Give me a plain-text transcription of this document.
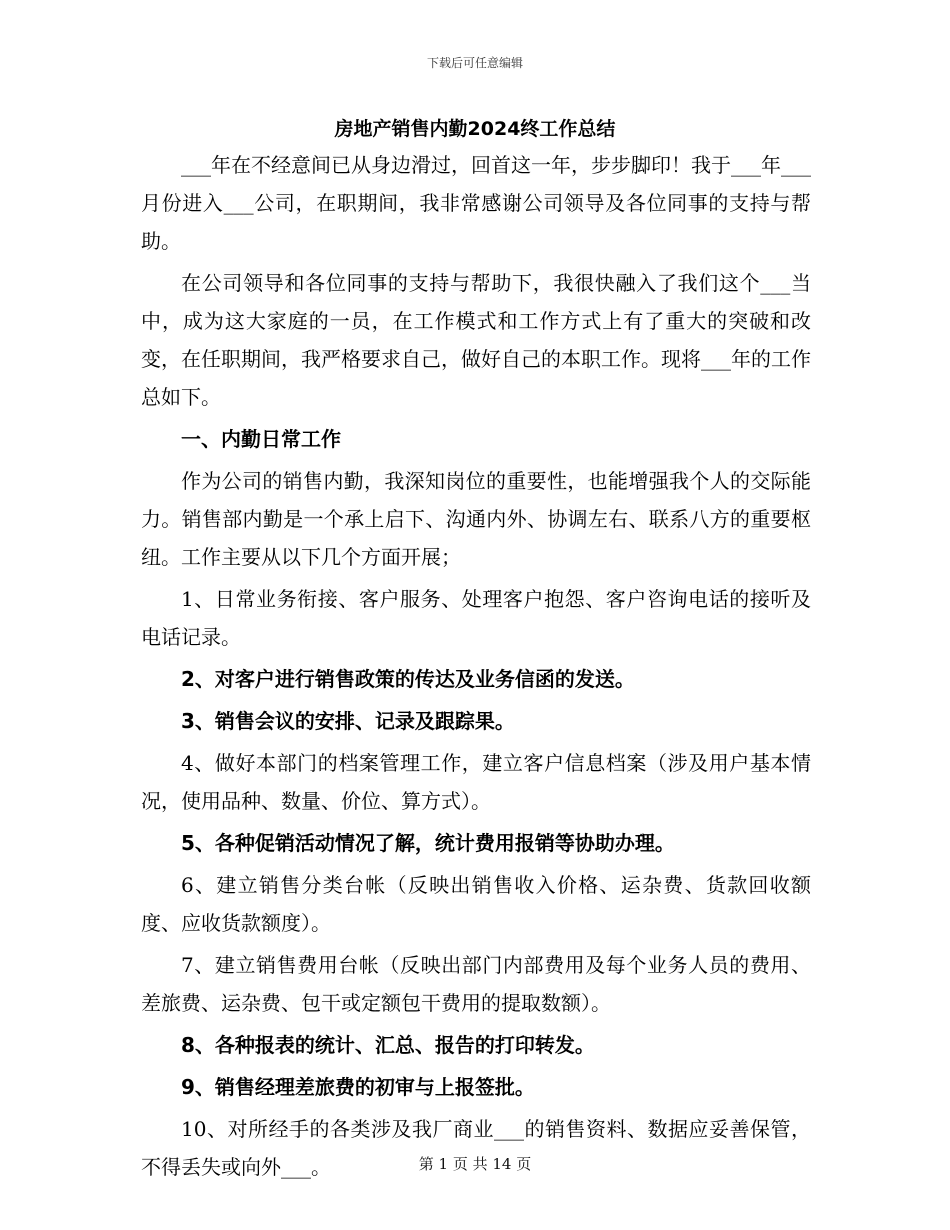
下载后可任意编辑
房地产销售内勤2024终工作总结

___年在不经意间已从身边滑过，回首这一年，步步脚印！我于___年___月份进入___公司，在职期间，我非常感谢公司领导及各位同事的支持与帮助。

在公司领导和各位同事的支持与帮助下，我很快融入了我们这个___当中，成为这大家庭的一员，在工作模式和工作方式上有了重大的突破和改变，在任职期间，我严格要求自己，做好自己的本职工作。现将___年的工作总如下。

一、内勤日常工作

作为公司的销售内勤，我深知岗位的重要性，也能增强我个人的交际能力。销售部内勤是一个承上启下、沟通内外、协调左右、联系八方的重要枢纽。工作主要从以下几个方面开展；

1、日常业务衔接、客户服务、处理客户抱怨、客户咨询电话的接听及电话记录。

2、对客户进行销售政策的传达及业务信函的发送。

3、销售会议的安排、记录及跟踪果。

4、做好本部门的档案管理工作，建立客户信息档案（涉及用户基本情况，使用品种、数量、价位、算方式）。

5、各种促销活动情况了解，统计费用报销等协助办理。

6、建立销售分类台帐（反映出销售收入价格、运杂费、货款回收额度、应收货款额度）。

7、建立销售费用台帐（反映出部门内部费用及每个业务人员的费用、差旅费、运杂费、包干或定额包干费用的提取数额）。

8、各种报表的统计、汇总、报告的打印转发。

9、销售经理差旅费的初审与上报签批。

10、对所经手的各类涉及我厂商业___的销售资料、数据应妥善保管，不得丢失或向外___。	第 1 页 共 14 页
